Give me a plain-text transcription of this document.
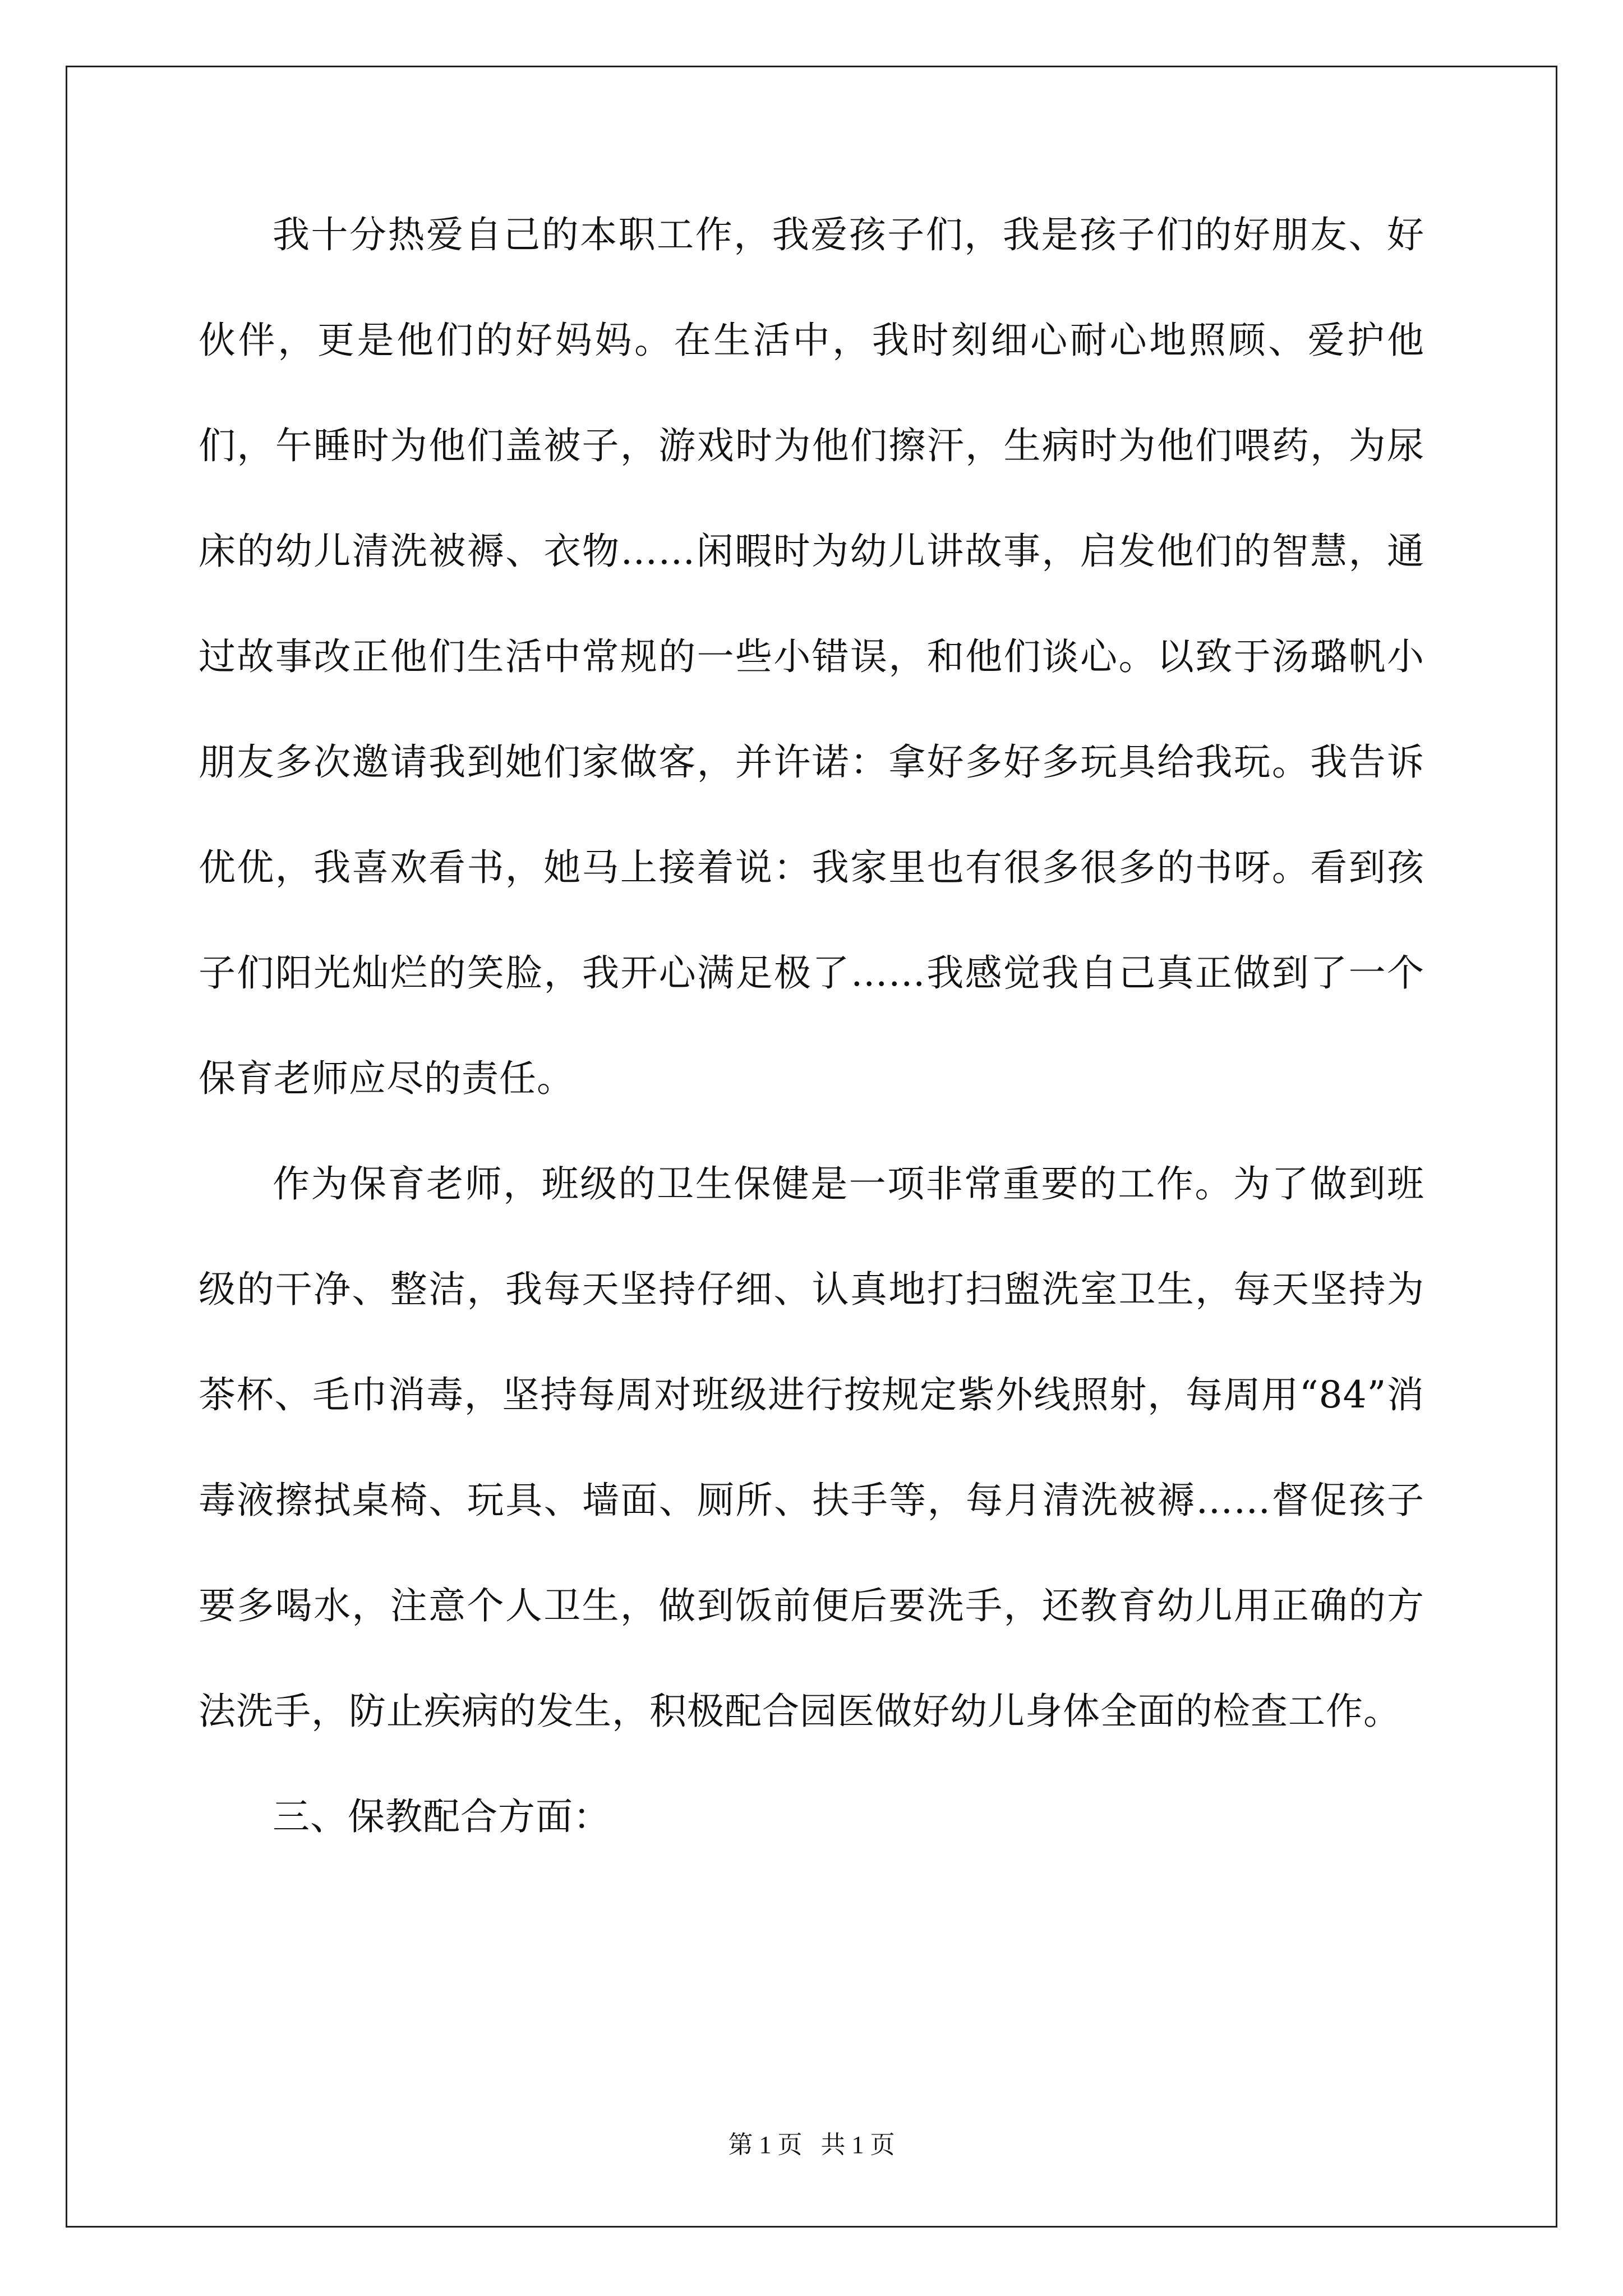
我十分热爱自己的本职工作，我爱孩子们，我是孩子们的好朋友、好伙伴，更是他们的好妈妈。在生活中，我时刻细心耐心地照顾、爱护他们，午睡时为他们盖被子，游戏时为他们擦汗，生病时为他们喂药，为尿床的幼儿清洗被褥、衣物……闲暇时为幼儿讲故事，启发他们的智慧，通过故事改正他们生活中常规的一些小错误，和他们谈心。以致于汤璐帆小朋友多次邀请我到她们家做客，并许诺：拿好多好多玩具给我玩。我告诉优优，我喜欢看书，她马上接着说：我家里也有很多很多的书呀。看到孩子们阳光灿烂的笑脸，我开心满足极了……我感觉我自己真正做到了一个保育老师应尽的责任。

作为保育老师，班级的卫生保健是一项非常重要的工作。为了做到班级的干净、整洁，我每天坚持仔细、认真地打扫盥洗室卫生，每天坚持为茶杯、毛巾消毒，坚持每周对班级进行按规定紫外线照射，每周用“84”消毒液擦拭桌椅、玩具、墙面、厕所、扶手等，每月清洗被褥……督促孩子要多喝水，注意个人卫生，做到饭前便后要洗手，还教育幼儿用正确的方法洗手，防止疾病的发生，积极配合园医做好幼儿身体全面的检查工作。

三、保教配合方面：

第 1 页 共 1 页
